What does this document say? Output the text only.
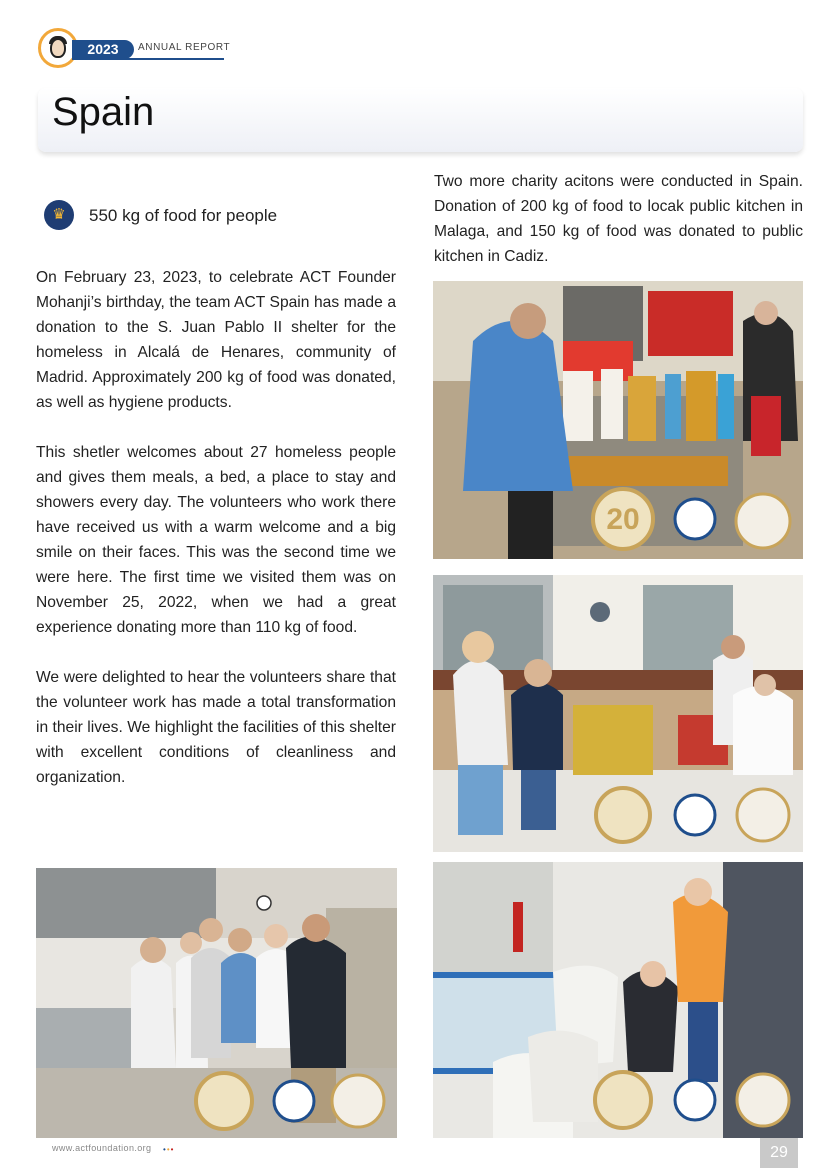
2023	ANNUAL REPORT
Spain
♛	550 kg of food for people

On February 23, 2023, to celebrate ACT Founder Mohanji’s birthday, the team ACT Spain has made a donation to the S. Juan Pablo II shelter for the homeless in Alcalá de Henares, community of Madrid. Approximately 200 kg of food was donated, as well as hygiene products.

This shetler welcomes about 27 homeless people and gives them meals, a bed, a place to stay and showers every day. The volunteers who work there have received us with a warm welcome and a big smile on their faces. This was the second time we were here. The first time we visited them was on November 25, 2022, when we had a great experience donating more than 110 kg of food.

We were delighted to hear the volunteers share that the volunteer work has made a total transformation in their lives. We highlight the facilities of this shelter with excellent conditions of cleanliness and organization.

Two more charity acitons were conducted in Spain. Donation of 200 kg of food to locak public kitchen in Malaga, and 150 kg of food was donated to public kitchen in Cadiz.

20
www.actfoundation.org •••	29
